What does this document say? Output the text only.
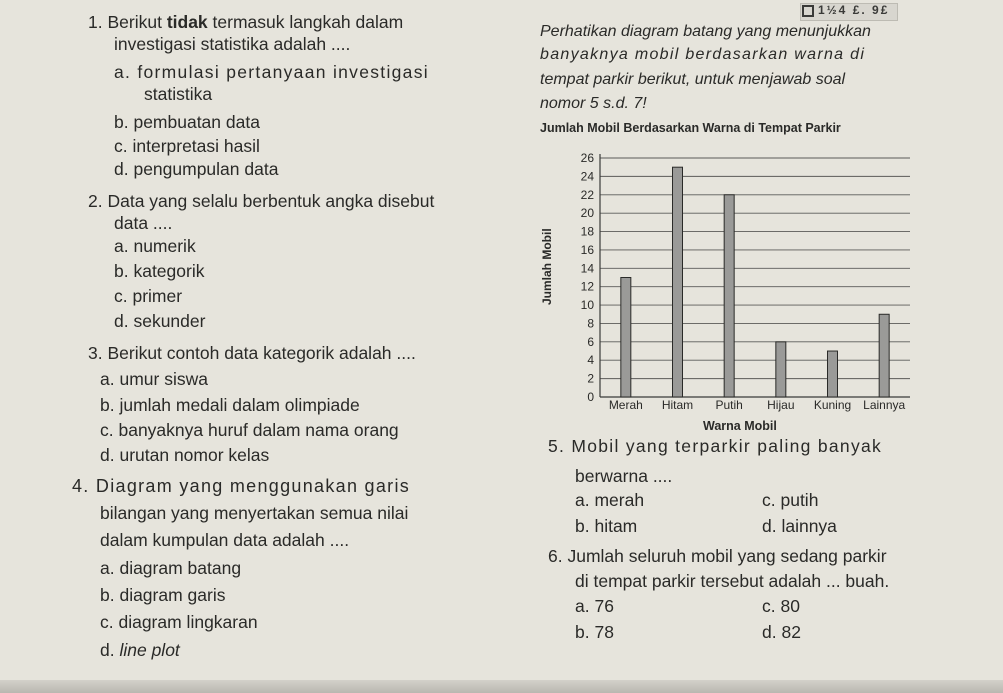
1½4 £. 9£
1. Berikut tidak termasuk langkah dalam
investigasi statistika adalah ....
a. formulasi pertanyaan investigasi
statistika
b. pembuatan data
c. interpretasi hasil
d. pengumpulan data
2. Data yang selalu berbentuk angka disebut
data ....
a. numerik
b. kategorik
c. primer
d. sekunder
3. Berikut contoh data kategorik adalah ....
a. umur siswa
b. jumlah medali dalam olimpiade
c. banyaknya huruf dalam nama orang
d. urutan nomor kelas
4. Diagram yang menggunakan garis
bilangan yang menyertakan semua nilai
dalam kumpulan data adalah ....
a. diagram batang
b. diagram garis
c. diagram lingkaran
d. line plot
Perhatikan diagram batang yang menunjukkan
banyaknya mobil berdasarkan warna di
tempat parkir berikut, untuk menjawab soal
nomor 5 s.d. 7!
Jumlah Mobil Berdasarkan Warna di Tempat Parkir
Jumlah Mobil
0
2
4
6
8
10
12
14
16
18
20
22
24
26
Merah Hitam Putih Hijau Kuning Lainnya
Warna Mobil
5. Mobil yang terparkir paling banyak
berwarna ....
a. merah	c. putih
b. hitam	d. lainnya
6. Jumlah seluruh mobil yang sedang parkir
di tempat parkir tersebut adalah ... buah.
a. 76	c. 80
b. 78	d. 82
